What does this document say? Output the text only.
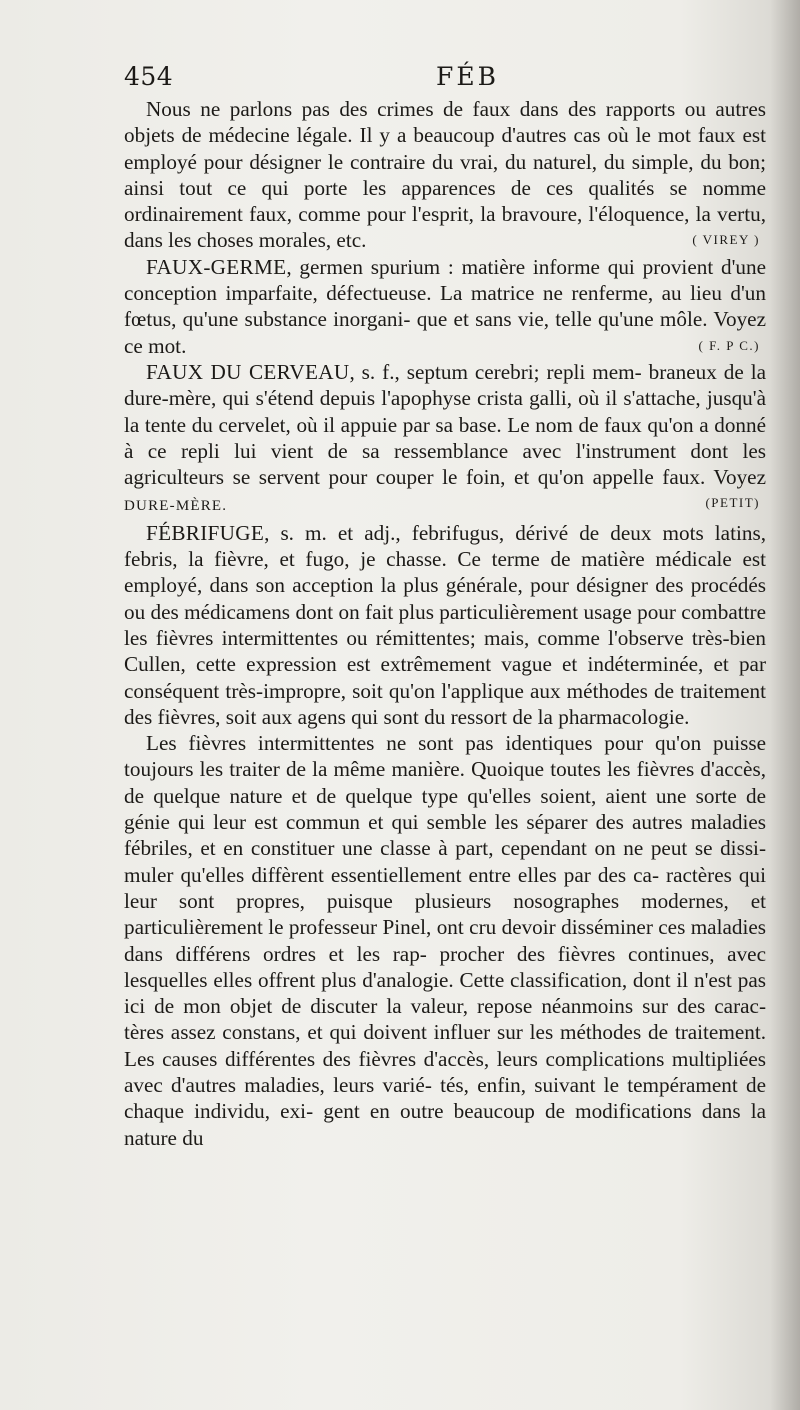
454	FÉB

Nous ne parlons pas des crimes de faux dans des rapports ou autres objets de médecine légale. Il y a beaucoup d'autres cas où le mot faux est employé pour désigner le contraire du vrai, du naturel, du simple, du bon; ainsi tout ce qui porte les apparences de ces qualités se nomme ordinairement faux, comme pour l'esprit, la bravoure, l'éloquence, la vertu, dans les choses morales, etc.	( VIREY )

FAUX-GERME, germen spurium : matière informe qui provient d'une conception imparfaite, défectueuse. La matrice ne renferme, au lieu d'un fœtus, qu'une substance inorgani- que et sans vie, telle qu'une môle. Voyez ce mot.	( F. P C.)

FAUX DU CERVEAU, s. f., septum cerebri; repli mem- braneux de la dure-mère, qui s'étend depuis l'apophyse crista galli, où il s'attache, jusqu'à la tente du cervelet, où il appuie par sa base. Le nom de faux qu'on a donné à ce repli lui vient de sa ressemblance avec l'instrument dont les agriculteurs se servent pour couper le foin, et qu'on appelle faux. Voyez DURE-MÈRE.	(PETIT)

FÉBRIFUGE, s. m. et adj., febrifugus, dérivé de deux mots latins, febris, la fièvre, et fugo, je chasse. Ce terme de matière médicale est employé, dans son acception la plus générale, pour désigner des procédés ou des médicamens dont on fait plus particulièrement usage pour combattre les fièvres intermittentes ou rémittentes; mais, comme l'observe très-bien Cullen, cette expression est extrêmement vague et indéterminée, et par conséquent très-impropre, soit qu'on l'applique aux méthodes de traitement des fièvres, soit aux agens qui sont du ressort de la pharmacologie.

Les fièvres intermittentes ne sont pas identiques pour qu'on puisse toujours les traiter de la même manière. Quoique toutes les fièvres d'accès, de quelque nature et de quelque type qu'elles soient, aient une sorte de génie qui leur est commun et qui semble les séparer des autres maladies fébriles, et en constituer une classe à part, cependant on ne peut se dissi- muler qu'elles diffèrent essentiellement entre elles par des ca- ractères qui leur sont propres, puisque plusieurs nosographes modernes, et particulièrement le professeur Pinel, ont cru devoir disséminer ces maladies dans différens ordres et les rap- procher des fièvres continues, avec lesquelles elles offrent plus d'analogie. Cette classification, dont il n'est pas ici de mon objet de discuter la valeur, repose néanmoins sur des carac- tères assez constans, et qui doivent influer sur les méthodes de traitement. Les causes différentes des fièvres d'accès, leurs complications multipliées avec d'autres maladies, leurs varié- tés, enfin, suivant le tempérament de chaque individu, exi- gent en outre beaucoup de modifications dans la nature du
